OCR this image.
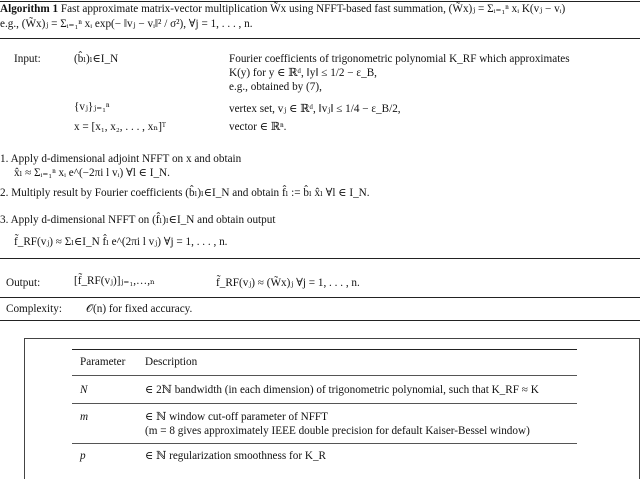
Algorithm 1 Fast approximate matrix-vector multiplication W̃x using NFFT-based fast summation, (W̃x)ⱼ = Σᵢ₌₁ⁿ xᵢ K(vⱼ − vᵢ)
e.g., (W̃x)ⱼ = Σᵢ₌₁ⁿ xᵢ exp(− ‖vⱼ − vᵢ‖² / σ²), ∀j = 1, . . . , n.
Input:	(b̂ₗ)ₗ∈I_N	Fourier coefficients of trigonometric polynomial K_RF which approximates
K(y) for y ∈ ℝᵈ, ‖y‖ ≤ 1/2 − ε_B,
e.g., obtained by (7),
{vⱼ}ⱼ₌₁ⁿ	vertex set, vⱼ ∈ ℝᵈ, ‖vⱼ‖ ≤ 1/4 − ε_B/2,
x = [x₁, x₂, . . . , xₙ]ᵀ	vector ∈ ℝⁿ.
1. Apply d-dimensional adjoint NFFT on x and obtain
x̂ₗ ≈ Σᵢ₌₁ⁿ xᵢ e^(−2πi l vᵢ) ∀l ∈ I_N.
2. Multiply result by Fourier coefficients (b̂ₗ)ₗ∈I_N and obtain f̂ₗ := b̂ₗ x̂ₗ ∀l ∈ I_N.
3. Apply d-dimensional NFFT on (f̂ₗ)ₗ∈I_N and obtain output
f̃_RF(vⱼ) ≈ Σₗ∈I_N f̂ₗ e^(2πi l vⱼ) ∀j = 1, . . . , n.
Output:	[f̃_RF(vⱼ)]ⱼ₌₁,…,ₙ	f̃_RF(vⱼ) ≈ (W̃x)ⱼ ∀j = 1, . . . , n.
Complexity: 𝒪(n) for fixed accuracy.
Parameter Description
N	∈ 2ℕ bandwidth (in each dimension) of trigonometric polynomial, such that K_RF ≈ K
m	∈ ℕ window cut-off parameter of NFFT
(m = 8 gives approximately IEEE double precision for default Kaiser-Bessel window)
p	∈ ℕ regularization smoothness for K_R
